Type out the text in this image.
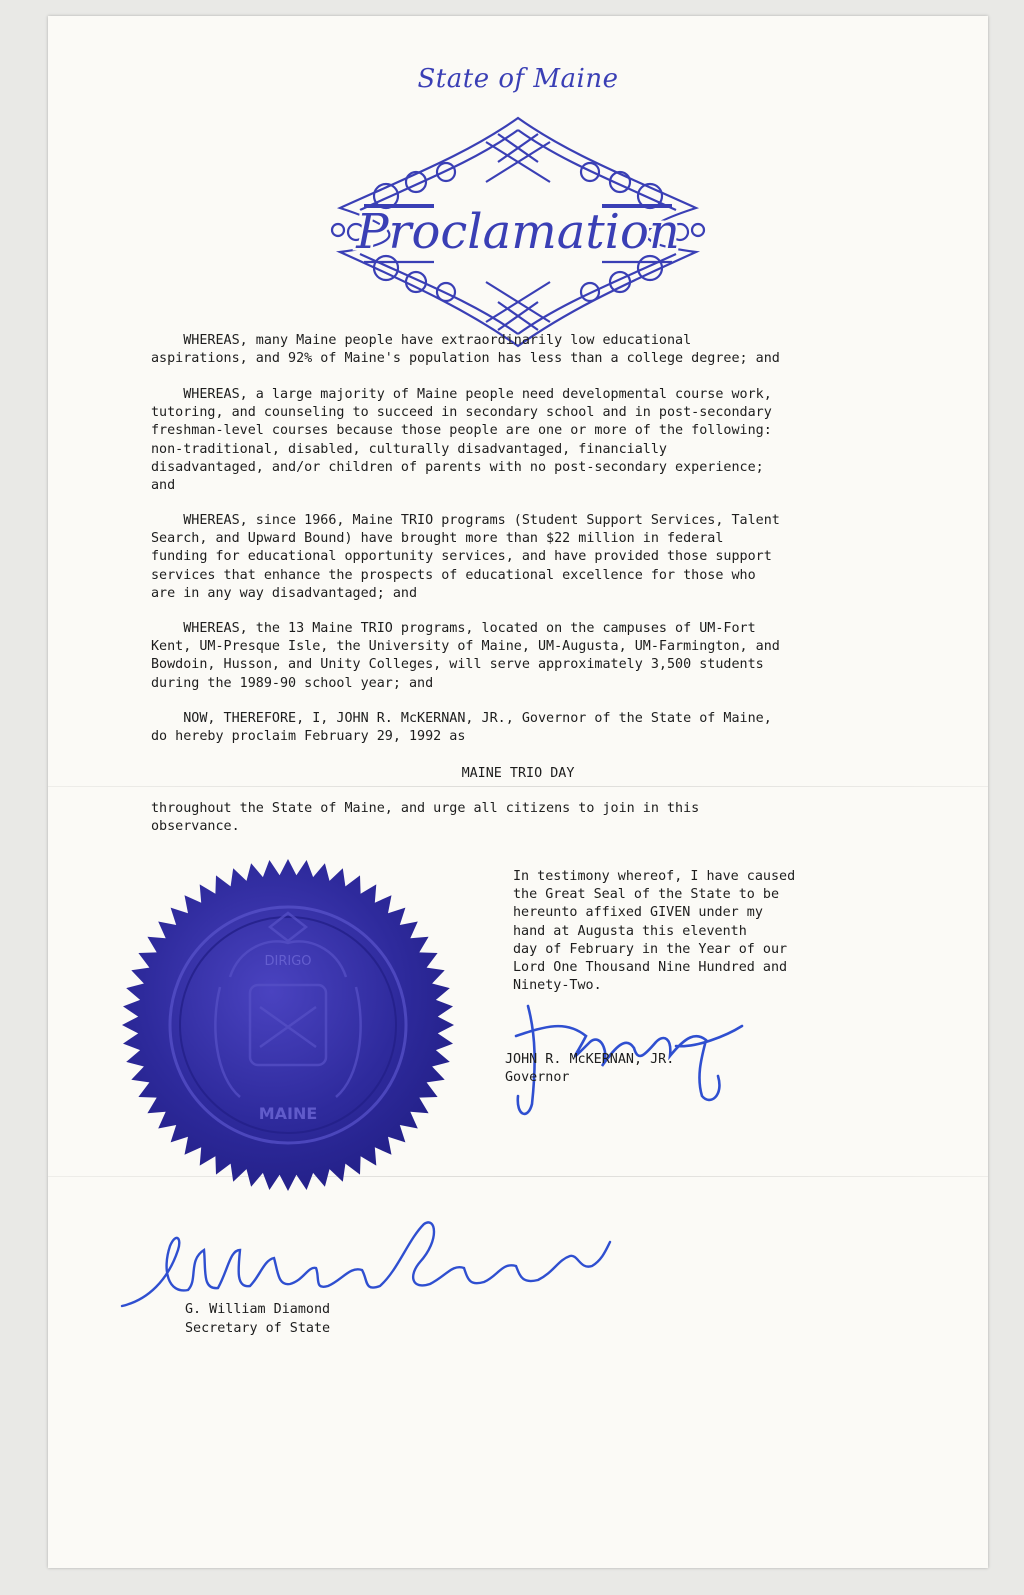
State of Maine
Proclamation
WHEREAS, many Maine people have extraordinarily low educational
aspirations, and 92% of Maine's population has less than a college degree; and
WHEREAS, a large majority of Maine people need developmental course work,
tutoring, and counseling to succeed in secondary school and in post-secondary
freshman-level courses because those people are one or more of the following:
non-traditional, disabled, culturally disadvantaged, financially
disadvantaged, and/or children of parents with no post-secondary experience;
and
WHEREAS, since 1966, Maine TRIO programs (Student Support Services, Talent
Search, and Upward Bound) have brought more than $22 million in federal
funding for educational opportunity services, and have provided those support
services that enhance the prospects of educational excellence for those who
are in any way disadvantaged; and
WHEREAS, the 13 Maine TRIO programs, located on the campuses of UM-Fort
Kent, UM-Presque Isle, the University of Maine, UM-Augusta, UM-Farmington, and
Bowdoin, Husson, and Unity Colleges, will serve approximately 3,500 students
during the 1989-90 school year; and
NOW, THEREFORE, I, JOHN R. McKERNAN, JR., Governor of the State of Maine,
do hereby proclaim February 29, 1992 as
MAINE TRIO DAY
throughout the State of Maine, and urge all citizens to join in this
observance.
DIRIGO
MAINE
In testimony whereof, I have caused
the Great Seal of the State to be
hereunto affixed GIVEN under my
hand at Augusta this eleventh
day of February in the Year of our
Lord One Thousand Nine Hundred and
Ninety-Two.
JOHN R. McKERNAN, JR.
Governor
G. William Diamond
Secretary of State
